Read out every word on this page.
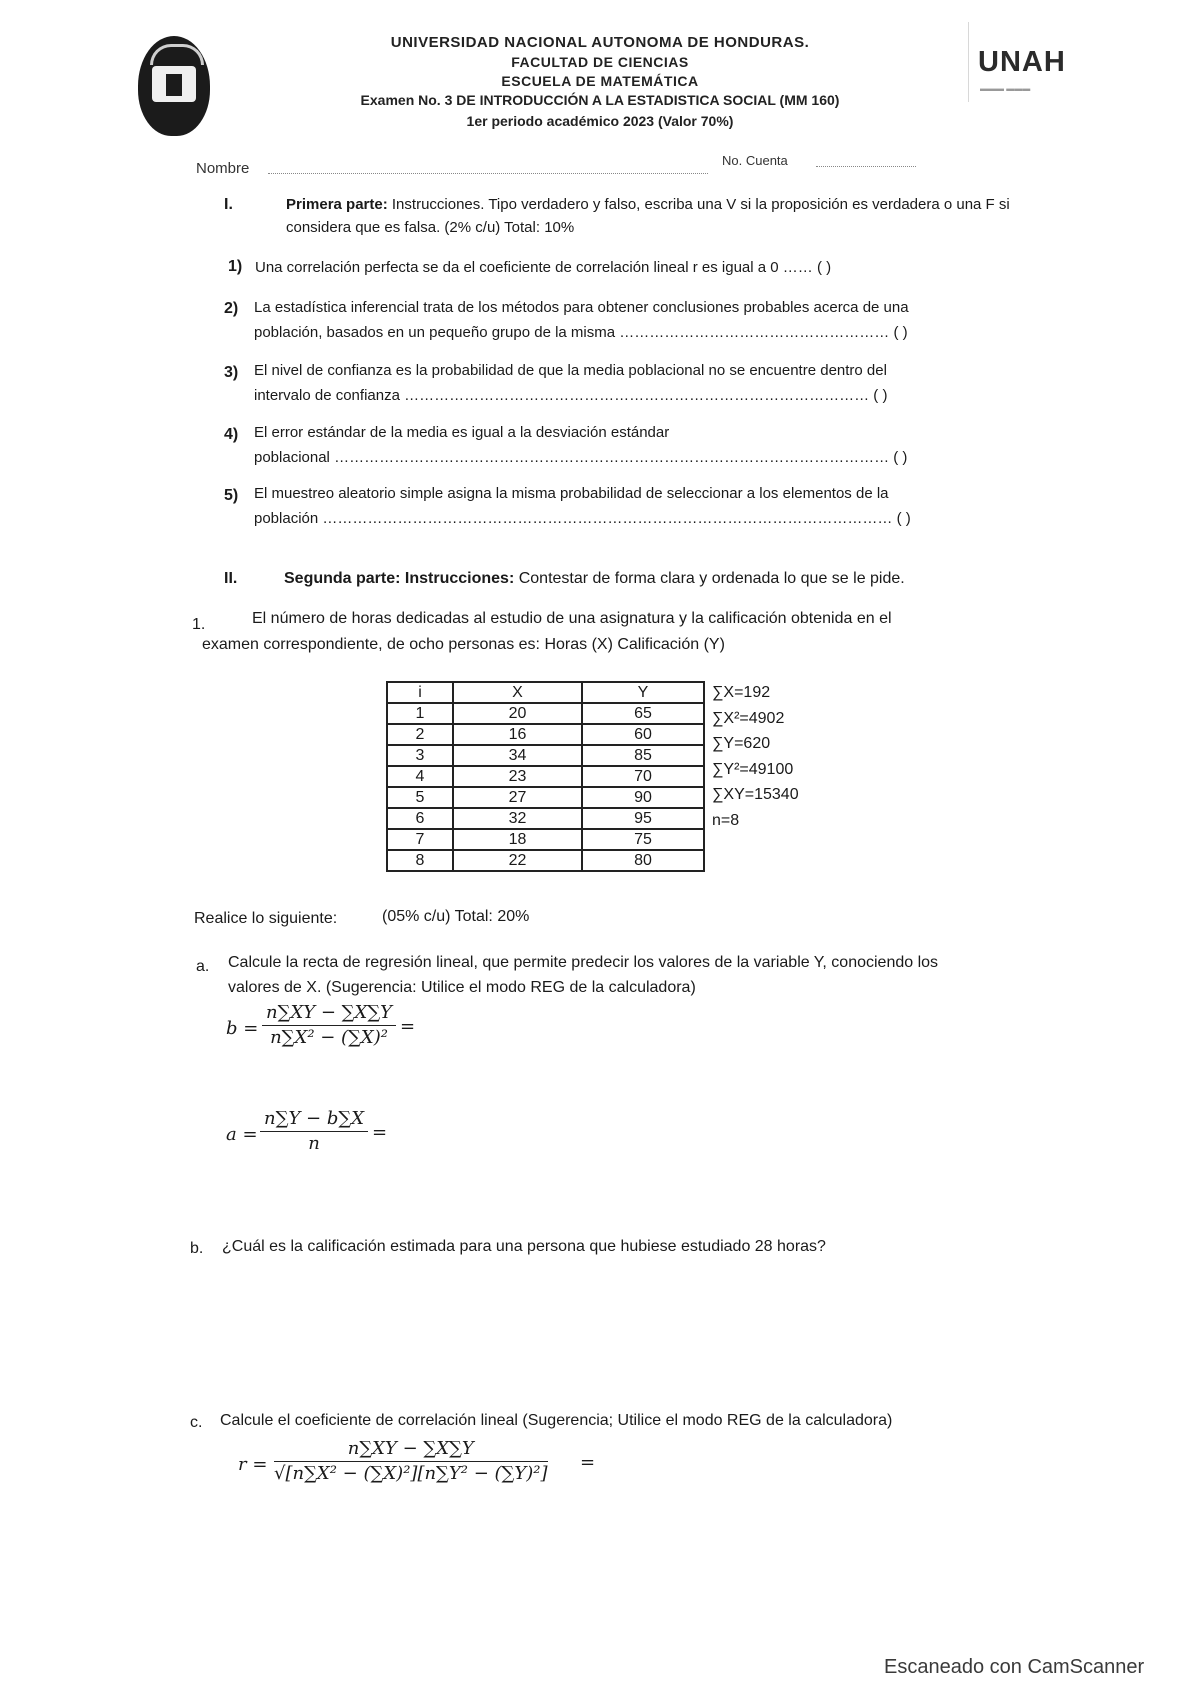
UNIVERSIDAD NACIONAL AUTONOMA DE HONDURAS.
FACULTAD DE CIENCIAS
ESCUELA DE MATEMÁTICA
Examen No. 3 DE INTRODUCCIÓN A LA ESTADISTICA SOCIAL (MM 160)
1er periodo académico 2023 (Valor 70%)
UNAH
▬▬▬ ▬▬▬
Nombre	No. Cuenta
I.	Primera parte: Instrucciones. Tipo verdadero y falso, escriba una V si la proposición es verdadera o una F si considera que es falsa. (2% c/u) Total: 10%
1) Una correlación perfecta se da el coeficiente de correlación lineal r es igual a 0 …… ( )
2) La estadística inferencial trata de los métodos para obtener conclusiones probables acerca de una
población, basados en un pequeño grupo de la misma ……………………………………………… ( )
3) El nivel de confianza es la probabilidad de que la media poblacional no se encuentre dentro del
intervalo de confianza ………………………………………………………………………………… ( )
4) El error estándar de la media es igual a la desviación estándar
poblacional ………………………………………………………………………………………………… ( )
5) El muestreo aleatorio simple asigna la misma probabilidad de seleccionar a los elementos de la
población …………………………………………………………………………………………………… ( )
II.	Segunda parte: Instrucciones: Contestar de forma clara y ordenada lo que se le pide.
1.	El número de horas dedicadas al estudio de una asignatura y la calificación obtenida en el
examen correspondiente, de ocho personas es: Horas (X) Calificación (Y)
i	X	Y
1	20	65
2	16	60
3	34	85
4	23	70
5	27	90
6	32	95
7	18	75
8	22	80
∑X=192
∑X²=4902
∑Y=620
∑Y²=49100
∑XY=15340
n=8
Realice lo siguiente:	(05% c/u) Total: 20%
a. Calcule la recta de regresión lineal, que permite predecir los valores de la variable Y, conociendo los
valores de X. (Sugerencia: Utilice el modo REG de la calculadora)
$b = \frac{n\sum XY - \sum X\sum Y}{\text{n∑X² − (∑X)²}}$ =
$a = \frac{n\sum Y - b\sum X}{n}$ =
b. ¿Cuál es la calificación estimada para una persona que hubiese estudiado 28 horas?
c. Calcule el coeficiente de correlación lineal (Sugerencia; Utilice el modo REG de la calculadora)
$r = \frac{n\sum XY - \sum X\sum Y}{\text{√[n∑X² − (∑X)²][n∑Y² − (∑Y)²]}}$ =
Escaneado con CamScanner
